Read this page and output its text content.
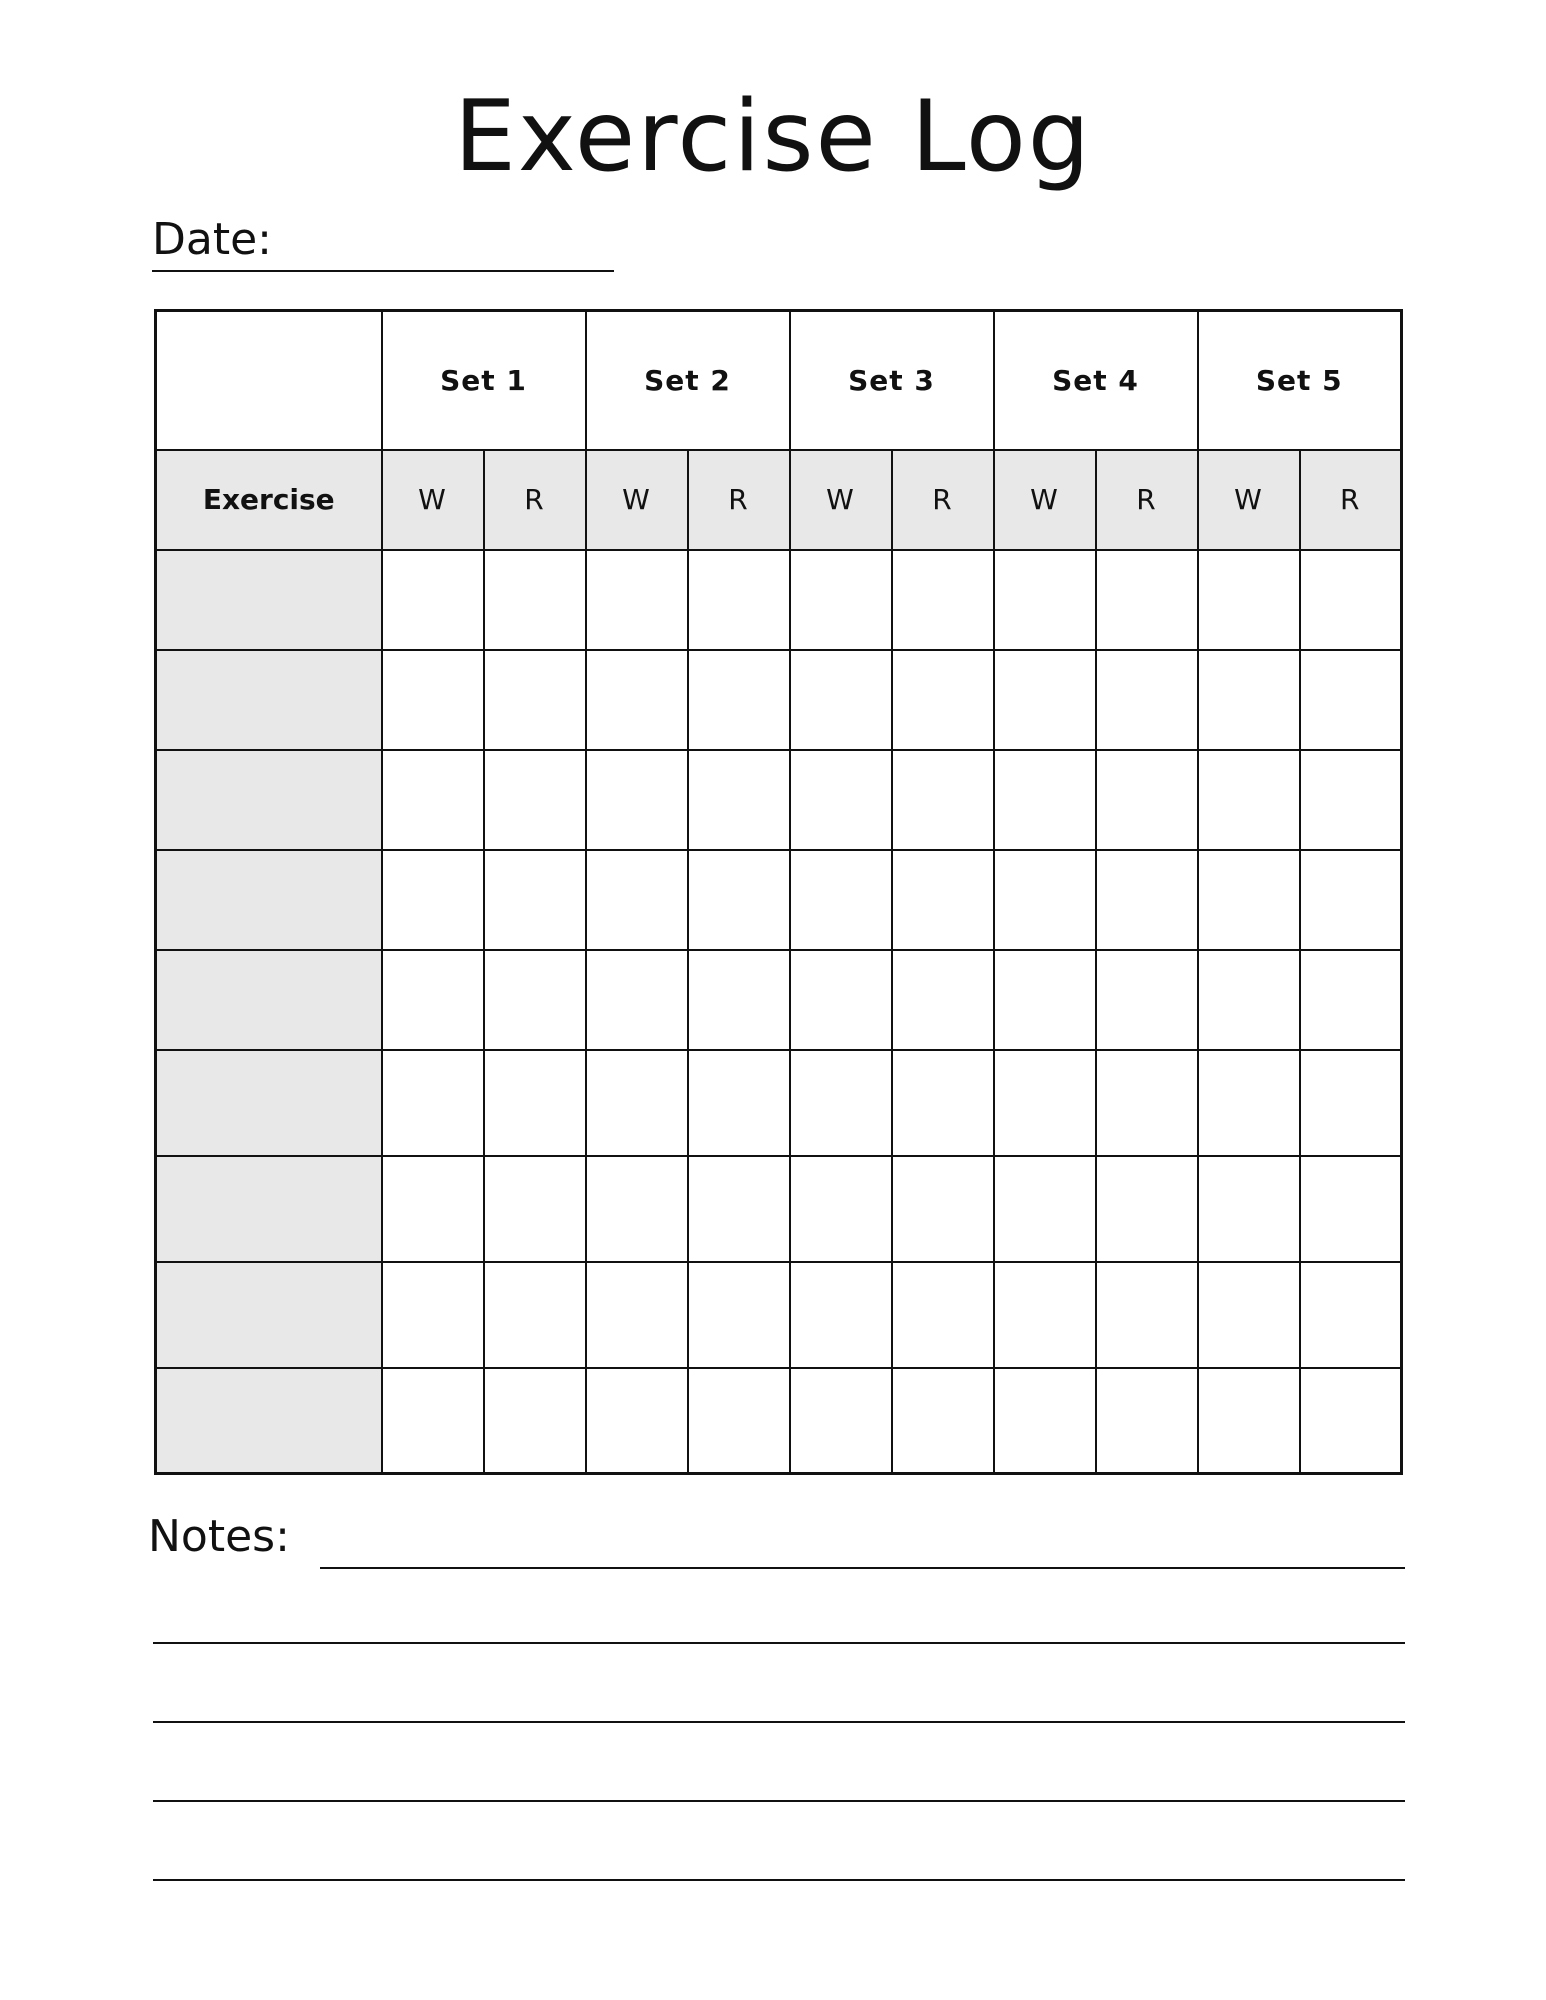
Exercise Log
Date:
	Set 1		Set 2		Set 3		Set 4		Set 5	
Exercise	W	R	W	R	W	R	W	R	W	R

Notes:
